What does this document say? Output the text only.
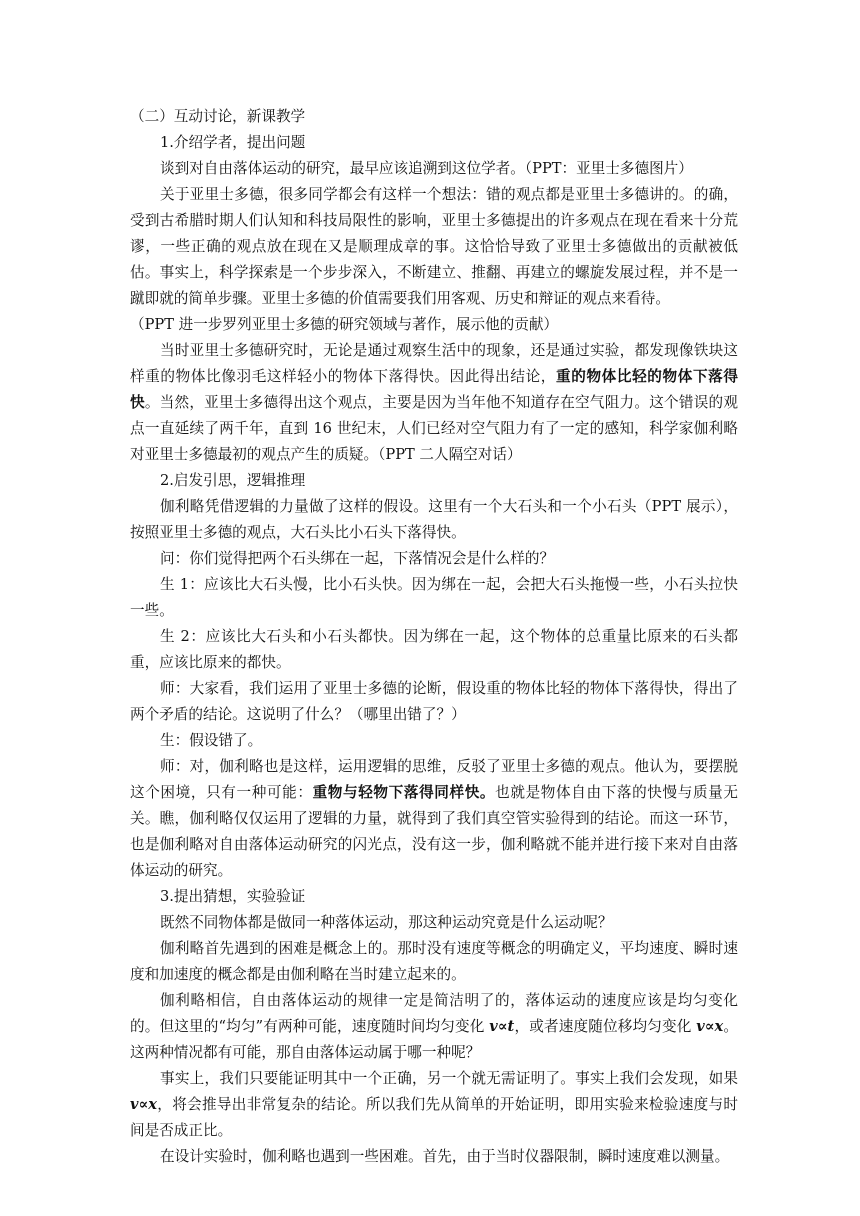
（二）互动讨论，新课教学

1.介绍学者，提出问题

谈到对自由落体运动的研究，最早应该追溯到这位学者。（PPT：亚里士多德图片）

关于亚里士多德，很多同学都会有这样一个想法：错的观点都是亚里士多德讲的。的确，受到古希腊时期人们认知和科技局限性的影响，亚里士多德提出的许多观点在现在看来十分荒谬，一些正确的观点放在现在又是顺理成章的事。这恰恰导致了亚里士多德做出的贡献被低估。事实上，科学探索是一个步步深入，不断建立、推翻、再建立的螺旋发展过程，并不是一蹴即就的简单步骤。亚里士多德的价值需要我们用客观、历史和辩证的观点来看待。

（PPT 进一步罗列亚里士多德的研究领域与著作，展示他的贡献）

当时亚里士多德研究时，无论是通过观察生活中的现象，还是通过实验，都发现像铁块这样重的物体比像羽毛这样轻小的物体下落得快。因此得出结论，重的物体比轻的物体下落得快。当然，亚里士多德得出这个观点，主要是因为当年他不知道存在空气阻力。这个错误的观点一直延续了两千年，直到 16 世纪末，人们已经对空气阻力有了一定的感知，科学家伽利略对亚里士多德最初的观点产生的质疑。（PPT 二人隔空对话）

2.启发引思，逻辑推理

伽利略凭借逻辑的力量做了这样的假设。这里有一个大石头和一个小石头（PPT 展示），按照亚里士多德的观点，大石头比小石头下落得快。

问：你们觉得把两个石头绑在一起，下落情况会是什么样的？

生 1：应该比大石头慢，比小石头快。因为绑在一起，会把大石头拖慢一些，小石头拉快一些。

生 2：应该比大石头和小石头都快。因为绑在一起，这个物体的总重量比原来的石头都重，应该比原来的都快。

师：大家看，我们运用了亚里士多德的论断，假设重的物体比轻的物体下落得快，得出了两个矛盾的结论。这说明了什么？（哪里出错了？）

生：假设错了。

师：对，伽利略也是这样，运用逻辑的思维，反驳了亚里士多德的观点。他认为，要摆脱这个困境，只有一种可能：重物与轻物下落得同样快。也就是物体自由下落的快慢与质量无关。瞧，伽利略仅仅运用了逻辑的力量，就得到了我们真空管实验得到的结论。而这一环节，也是伽利略对自由落体运动研究的闪光点，没有这一步，伽利略就不能并进行接下来对自由落体运动的研究。

3.提出猜想，实验验证

既然不同物体都是做同一种落体运动，那这种运动究竟是什么运动呢？

伽利略首先遇到的困难是概念上的。那时没有速度等概念的明确定义，平均速度、瞬时速度和加速度的概念都是由伽利略在当时建立起来的。

伽利略相信，自由落体运动的规律一定是简洁明了的，落体运动的速度应该是均匀变化的。但这里的“均匀”有两种可能，速度随时间均匀变化 v∝t，或者速度随位移均匀变化 v∝x。这两种情况都有可能，那自由落体运动属于哪一种呢？

事实上，我们只要能证明其中一个正确，另一个就无需证明了。事实上我们会发现，如果 v∝x，将会推导出非常复杂的结论。所以我们先从简单的开始证明，即用实验来检验速度与时间是否成正比。

在设计实验时，伽利略也遇到一些困难。首先，由于当时仪器限制，瞬时速度难以测量。
